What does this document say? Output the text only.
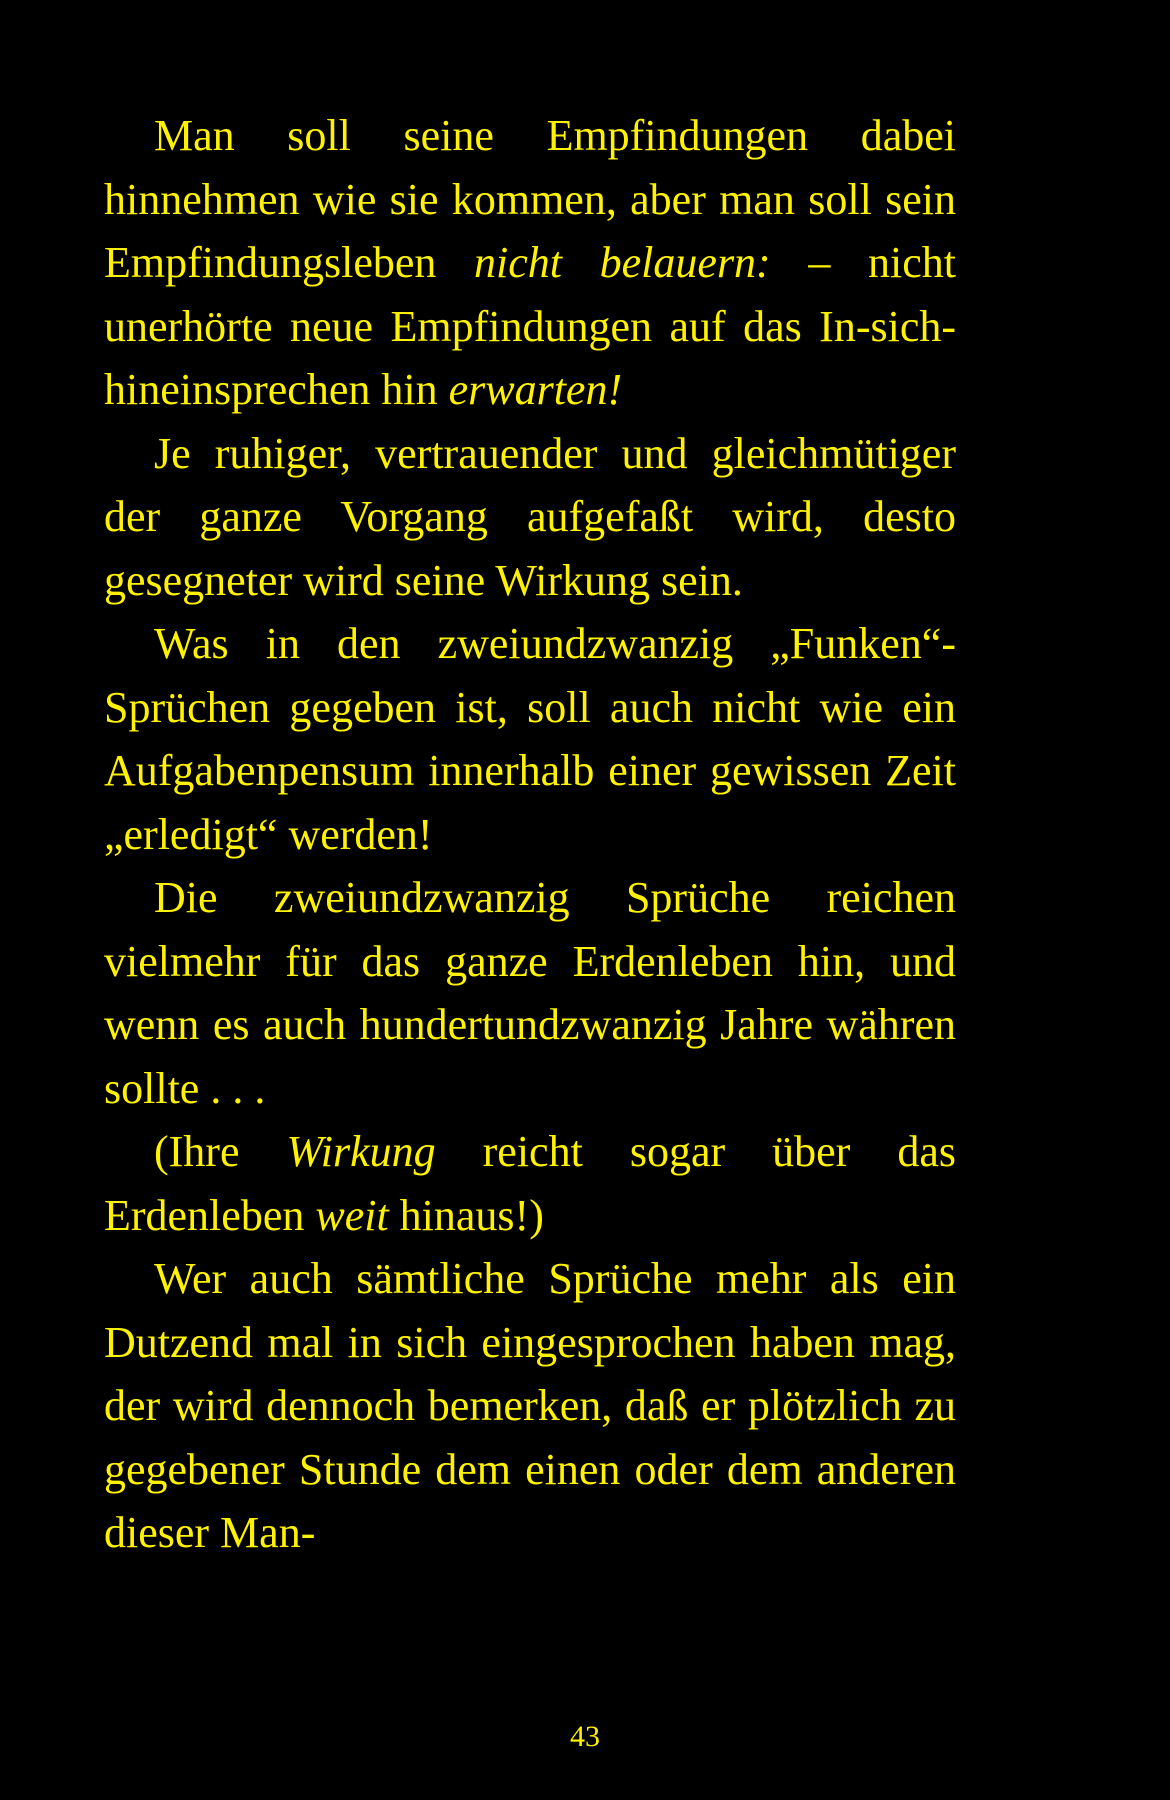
Man soll seine Empfindungen dabei hinnehmen wie sie kommen, aber man soll sein Empfindungsleben nicht belauern: – nicht unerhörte neue Empfindungen auf das In-sich-hineinsprechen hin erwarten!

Je ruhiger, vertrauender und gleichmütiger der ganze Vorgang aufgefaßt wird, desto gesegneter wird seine Wirkung sein.

Was in den zweiundzwanzig „Funken“- Sprüchen gegeben ist, soll auch nicht wie ein Aufgabenpensum innerhalb einer gewissen Zeit „erledigt“ werden!

Die zweiundzwanzig Sprüche reichen vielmehr für das ganze Erdenleben hin, und wenn es auch hundertundzwanzig Jahre währen sollte . . .

(Ihre Wirkung reicht sogar über das Erdenleben weit hinaus!)

Wer auch sämtliche Sprüche mehr als ein Dutzend mal in sich eingesprochen haben mag, der wird dennoch bemerken, daß er plötzlich zu gegebener Stunde dem einen oder dem anderen dieser Man-

43
